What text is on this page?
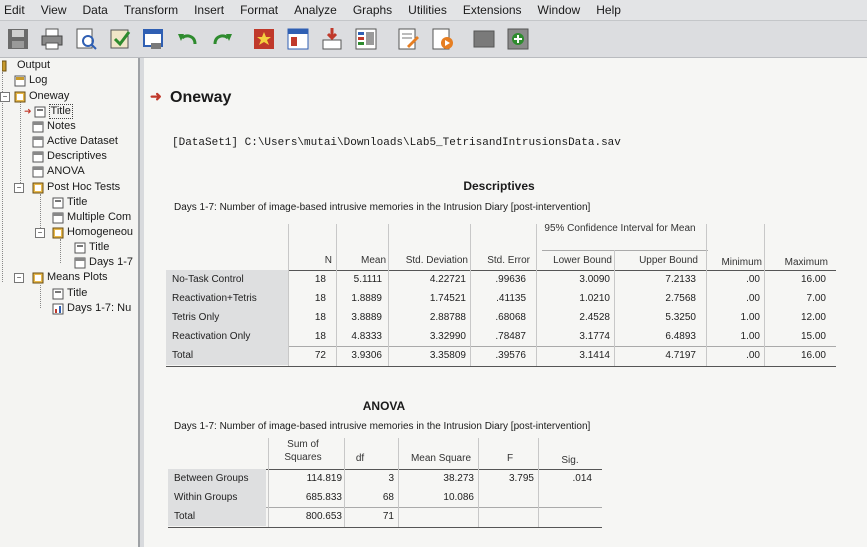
Edit	View	Data	Transform	Insert	Format	Analyze	Graphs	Utilities	Extensions	Window	Help
Output
Log
− Oneway
➜ Title
Notes
Active Dataset
Descriptives
ANOVA
− Post Hoc Tests
Title
Multiple Com
− Homogeneou
Title
Days 1-7
− Means Plots
Title
Days 1-7: Nu
➜ Oneway
[DataSet1] C:\Users\mutai\Downloads\Lab5_TetrisandIntrusionsData.sav
Descriptives
Days 1-7: Number of image-based intrusive memories in the Intrusion Diary [post-intervention]
95% Confidence Interval for Mean
N	Mean	Std. Deviation	Std. Error	Lower Bound	Upper Bound	Minimum	Maximum
No-Task Control	18	5.1111	4.22721	.99636	3.0090	7.2133	.00	16.00
Reactivation+Tetris	18	1.8889	1.74521	.41135	1.0210	2.7568	.00	7.00
Tetris Only	18	3.8889	2.88788	.68068	2.4528	5.3250	1.00	12.00
Reactivation Only	18	4.8333	3.32990	.78487	3.1774	6.4893	1.00	15.00
Total	72	3.9306	3.35809	.39576	3.1414	4.7197	.00	16.00
ANOVA
Days 1-7: Number of image-based intrusive memories in the Intrusion Diary [post-intervention]
Sum of Squares	df	Mean Square	F	Sig.
Between Groups	114.819	3	38.273	3.795	.014
Within Groups	685.833	68	10.086
Total	800.653	71
